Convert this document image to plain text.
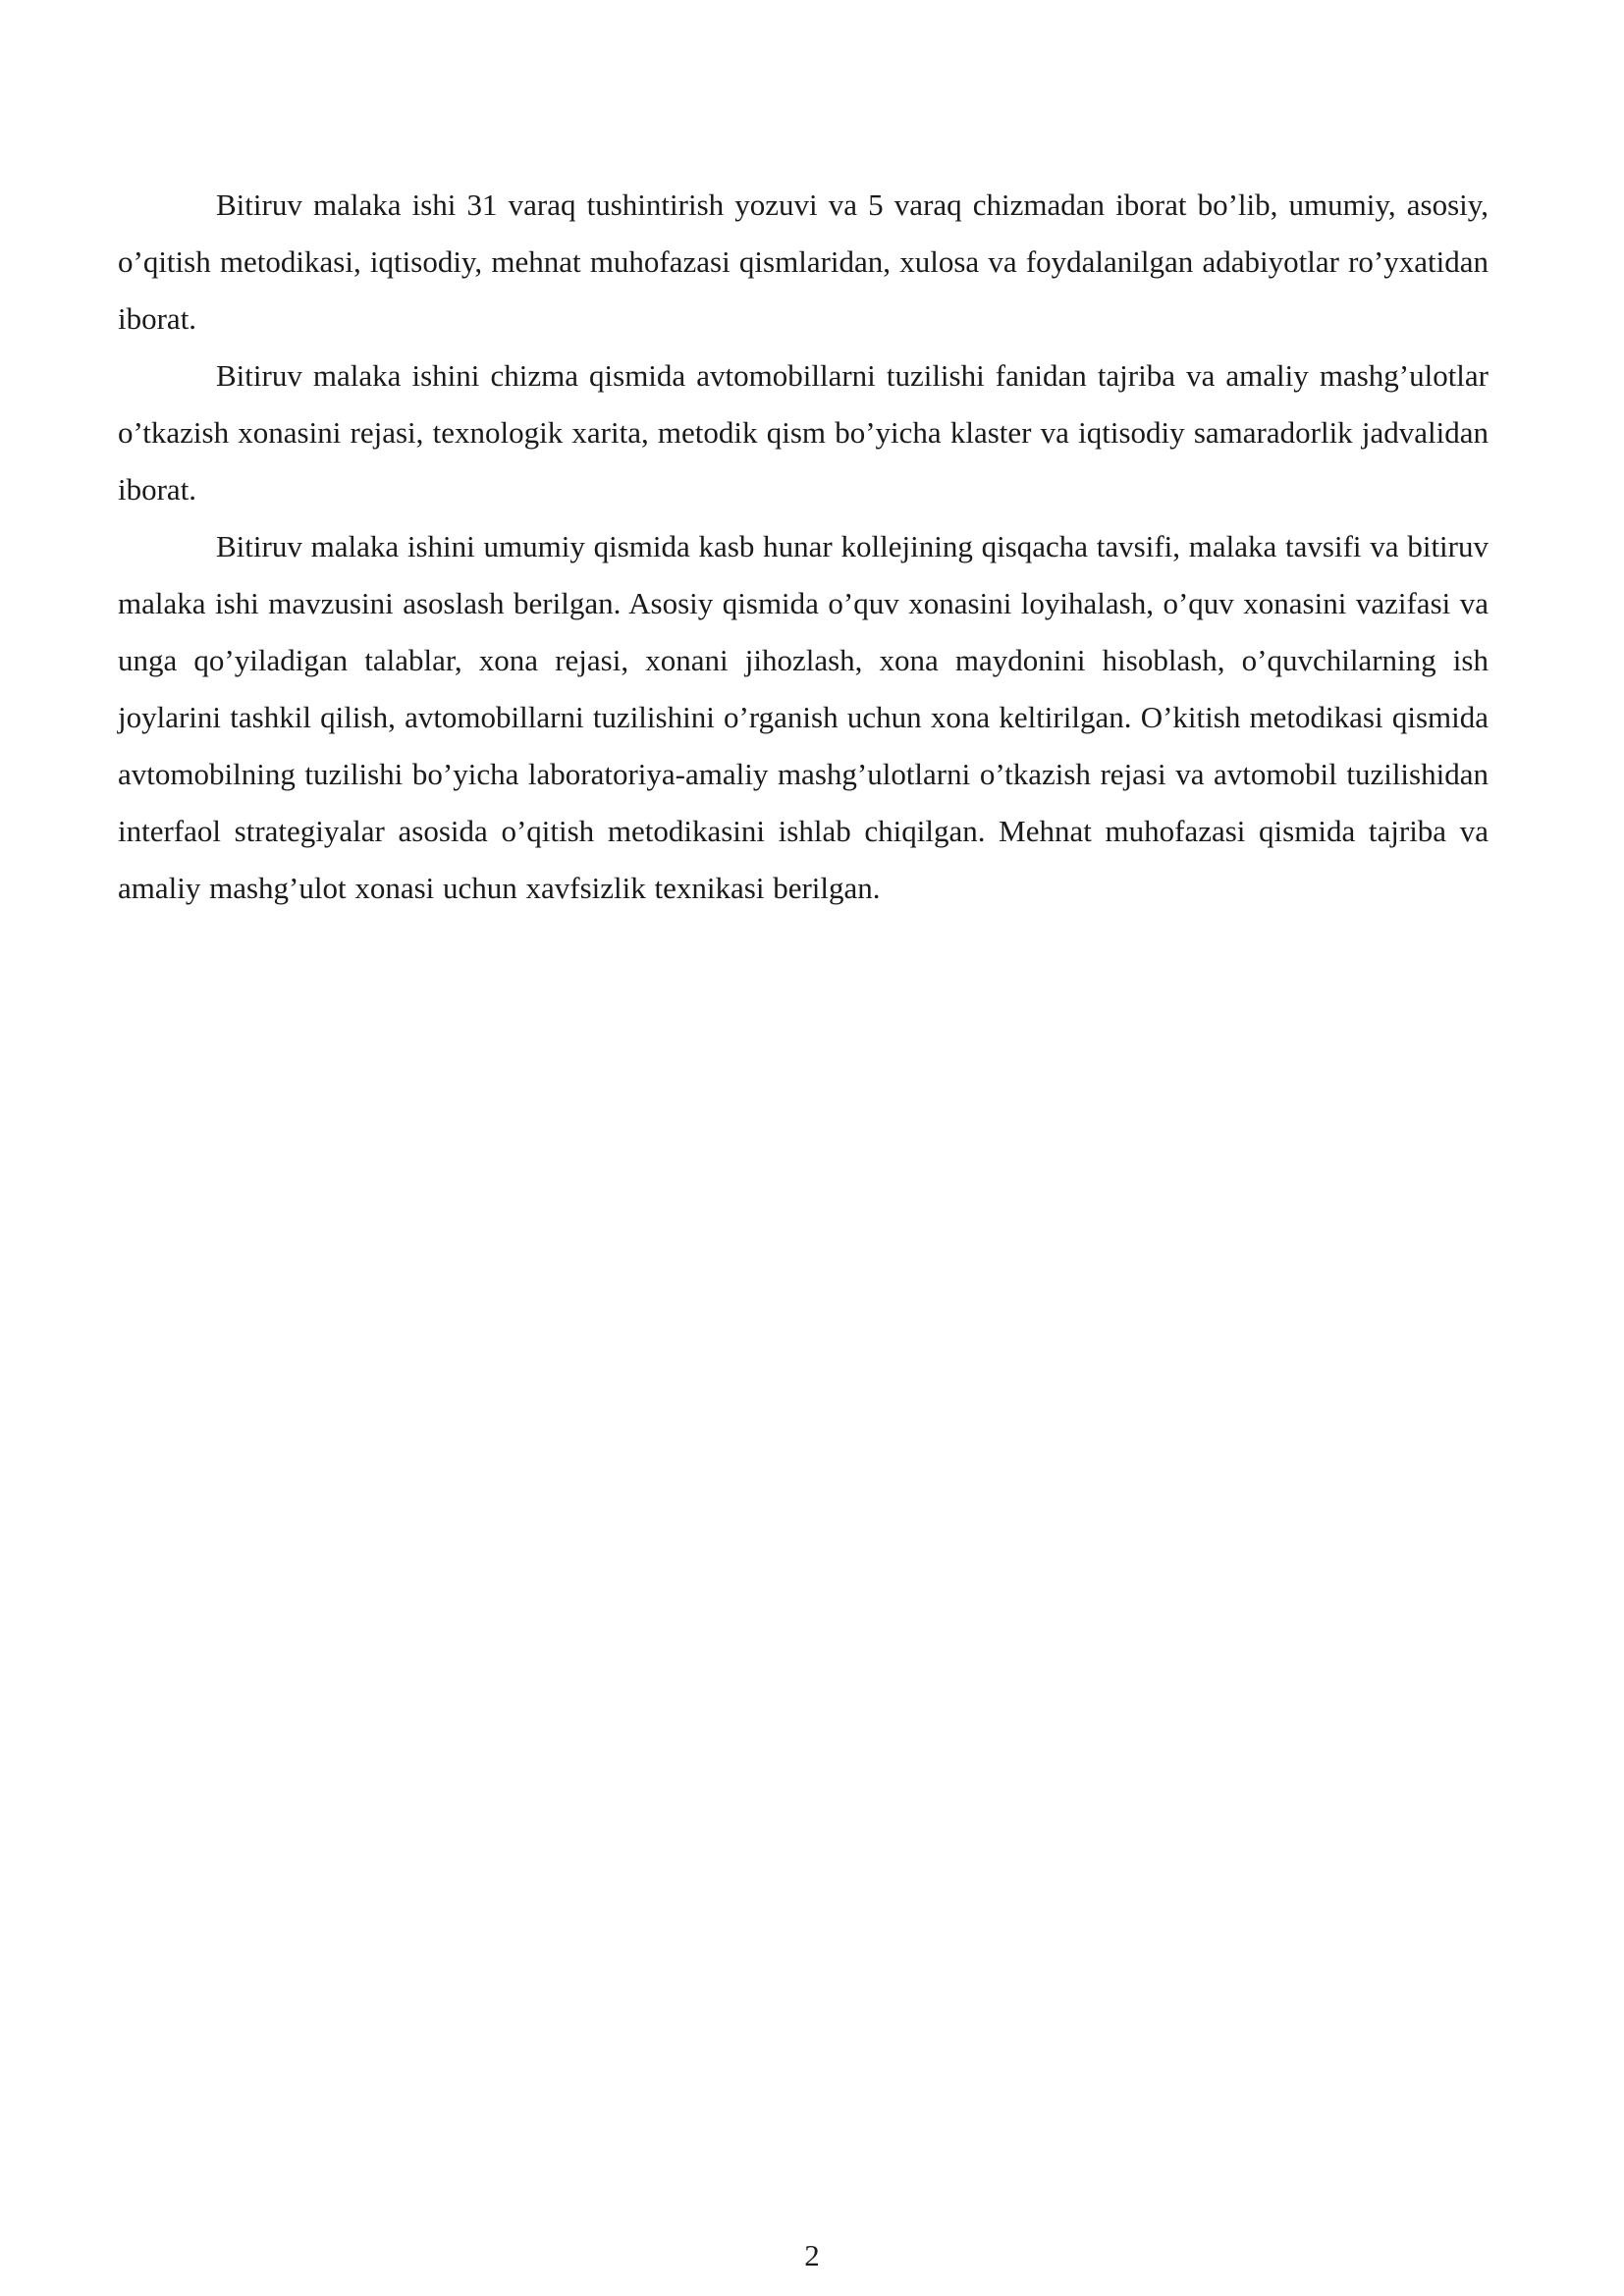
Bitiruv malaka ishi 31 varaq tushintirish yozuvi va 5 varaq chizmadan iborat bo’lib, umumiy, asosiy, o’qitish metodikasi, iqtisodiy, mehnat muhofazasi qismlaridan, xulosa va foydalanilgan adabiyotlar ro’yxatidan iborat.

Bitiruv malaka ishini chizma qismida avtomobillarni tuzilishi fanidan tajriba va amaliy mashg’ulotlar o’tkazish xonasini rejasi, texnologik xarita, metodik qism bo’yicha klaster va iqtisodiy samaradorlik jadvalidan iborat.

Bitiruv malaka ishini umumiy qismida kasb hunar kollejining qisqacha tavsifi, malaka tavsifi va bitiruv malaka ishi mavzusini asoslash berilgan. Asosiy qismida o’quv xonasini loyihalash, o’quv xonasini vazifasi va unga qo’yiladigan talablar, xona rejasi, xonani jihozlash, xona maydonini hisoblash, o’quvchilarning ish joylarini tashkil qilish, avtomobillarni tuzilishini o’rganish uchun xona keltirilgan. O’kitish metodikasi qismida avtomobilning tuzilishi bo’yicha laboratoriya-amaliy mashg’ulotlarni o’tkazish rejasi va avtomobil tuzilishidan interfaol strategiyalar asosida o’qitish metodikasini ishlab chiqilgan. Mehnat muhofazasi qismida tajriba va amaliy mashg’ulot xonasi uchun xavfsizlik texnikasi berilgan.

2
